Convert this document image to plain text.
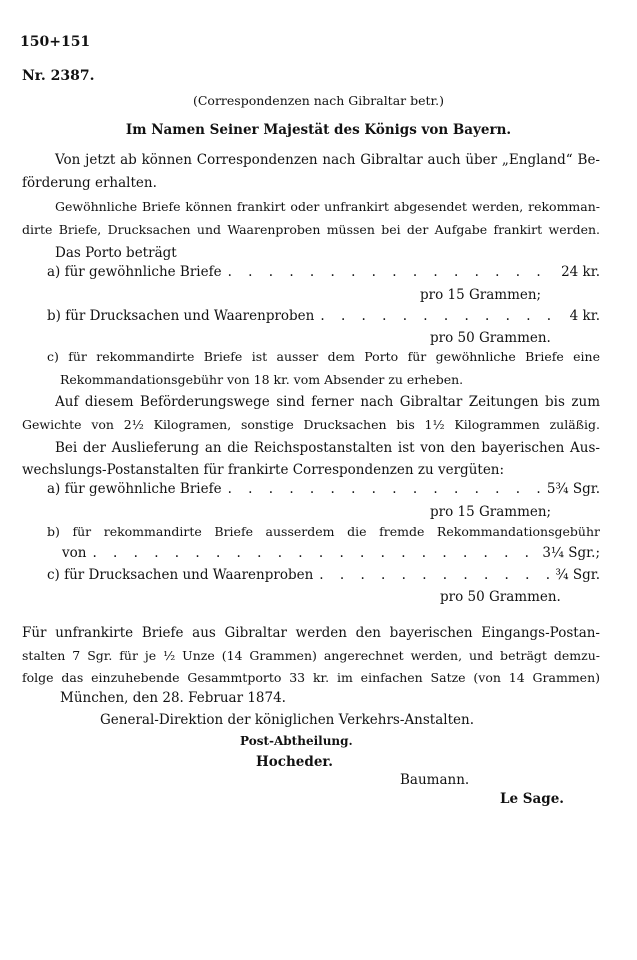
150+151
Nr. 2387.
(Correspondenzen nach Gibraltar betr.)
Im Namen Seiner Majestät des Königs von Bayern.
Von jetzt ab können Correspondenzen nach Gibraltar auch über „England“ Be-
förderung erhalten.
Gewöhnliche Briefe können frankirt oder unfrankirt abgesendet werden, rekomman-
dirte Briefe, Drucksachen und Waarenproben müssen bei der Aufgabe frankirt werden.
Das Porto beträgt
a) für gewöhnliche Briefe . . .	24 kr.
pro 15 Grammen;
b) für Drucksachen und Waarenproben . . .	4 kr.
pro 50 Grammen.
c) für rekommandirte Briefe ist ausser dem Porto für gewöhnliche Briefe eine
Rekommandationsgebühr von 18 kr. vom Absender zu erheben.
Auf diesem Beförderungswege sind ferner nach Gibraltar Zeitungen bis zum
Gewichte von 2½ Kilogramen, sonstige Drucksachen bis 1½ Kilogrammen zuläßig.
Bei der Auslieferung an die Reichspostanstalten ist von den bayerischen Aus-
wechslungs-Postanstalten für frankirte Correspondenzen zu vergüten:
a) für gewöhnliche Briefe . . .	5¾ Sgr.
pro 15 Grammen;
b) für rekommandirte Briefe ausserdem die fremde Rekommandationsgebühr
von . . .	3¼ Sgr.;
c) für Drucksachen und Waarenproben . . .	¾ Sgr.
pro 50 Grammen.
Für unfrankirte Briefe aus Gibraltar werden den bayerischen Eingangs-Postan-
stalten 7 Sgr. für je ½ Unze (14 Grammen) angerechnet werden, und beträgt demzu-
folge das einzuhebende Gesammtporto 33 kr. im einfachen Satze (von 14 Grammen)
München, den 28. Februar 1874.
General-Direktion der königlichen Verkehrs-Anstalten.
Post-Abtheilung.
Hocheder.
Baumann.
Le Sage.
